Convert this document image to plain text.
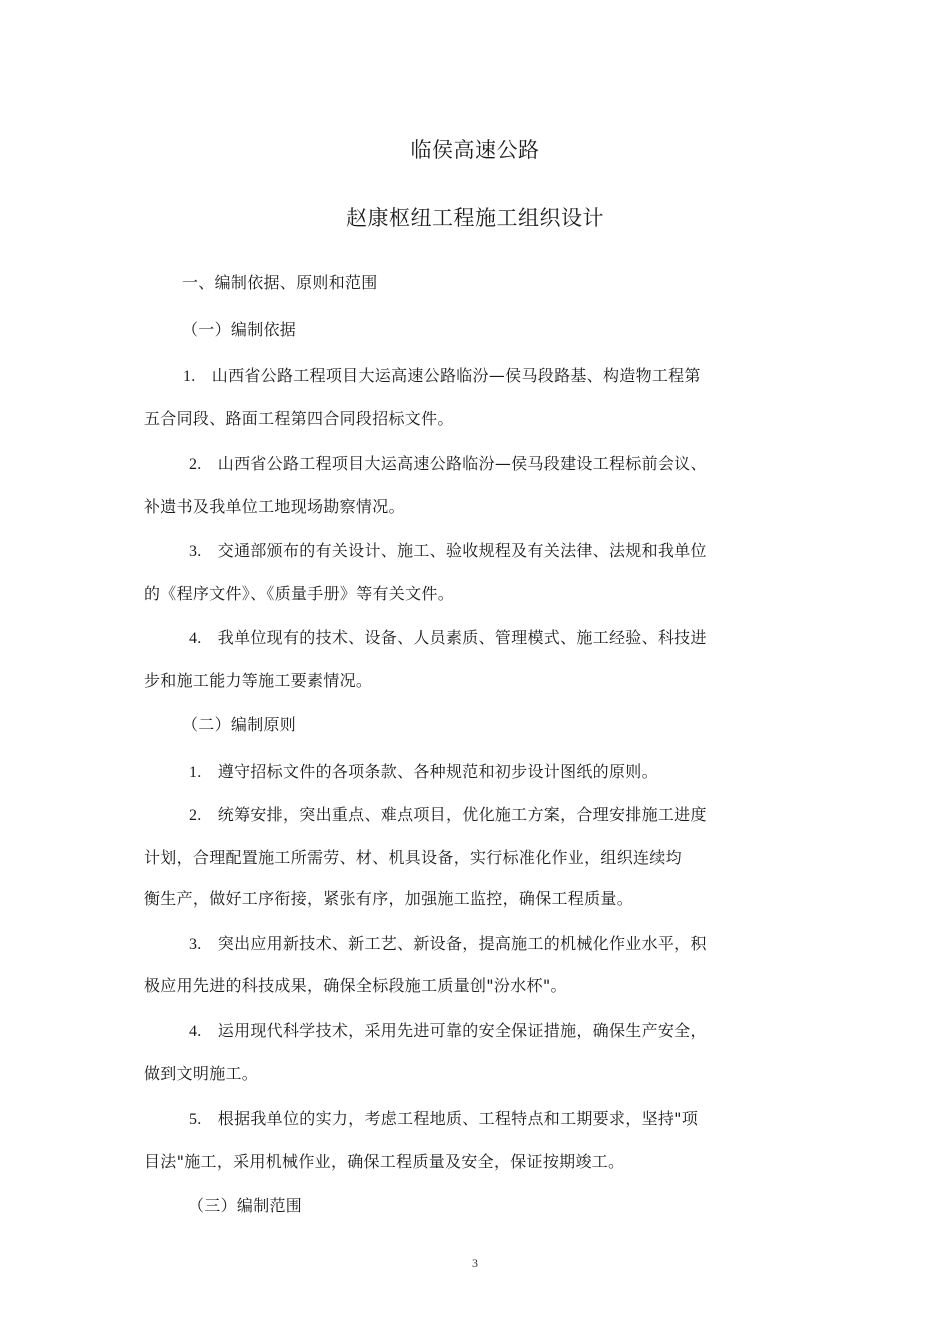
临侯高速公路
赵康枢纽工程施工组织设计
一、编制依据、原则和范围
（一）编制依据
1. 山西省公路工程项目大运高速公路临汾—侯马段路基、构造物工程第
五合同段、路面工程第四合同段招标文件。
2. 山西省公路工程项目大运高速公路临汾—侯马段建设工程标前会议、
补遗书及我单位工地现场勘察情况。
3. 交通部颁布的有关设计、施工、验收规程及有关法律、法规和我单位
的《程序文件》、《质量手册》等有关文件。
4. 我单位现有的技术、设备、人员素质、管理模式、施工经验、科技进
步和施工能力等施工要素情况。
（二）编制原则
1. 遵守招标文件的各项条款、各种规范和初步设计图纸的原则。
2. 统筹安排，突出重点、难点项目，优化施工方案，合理安排施工进度
计划，合理配置施工所需劳、材、机具设备，实行标准化作业，组织连续均
衡生产，做好工序衔接，紧张有序，加强施工监控，确保工程质量。
3. 突出应用新技术、新工艺、新设备，提高施工的机械化作业水平，积
极应用先进的科技成果，确保全标段施工质量创"汾水杯"。
4. 运用现代科学技术，采用先进可靠的安全保证措施，确保生产安全，
做到文明施工。
5. 根据我单位的实力，考虑工程地质、工程特点和工期要求，坚持"项
目法"施工，采用机械作业，确保工程质量及安全，保证按期竣工。
（三）编制范围
3
